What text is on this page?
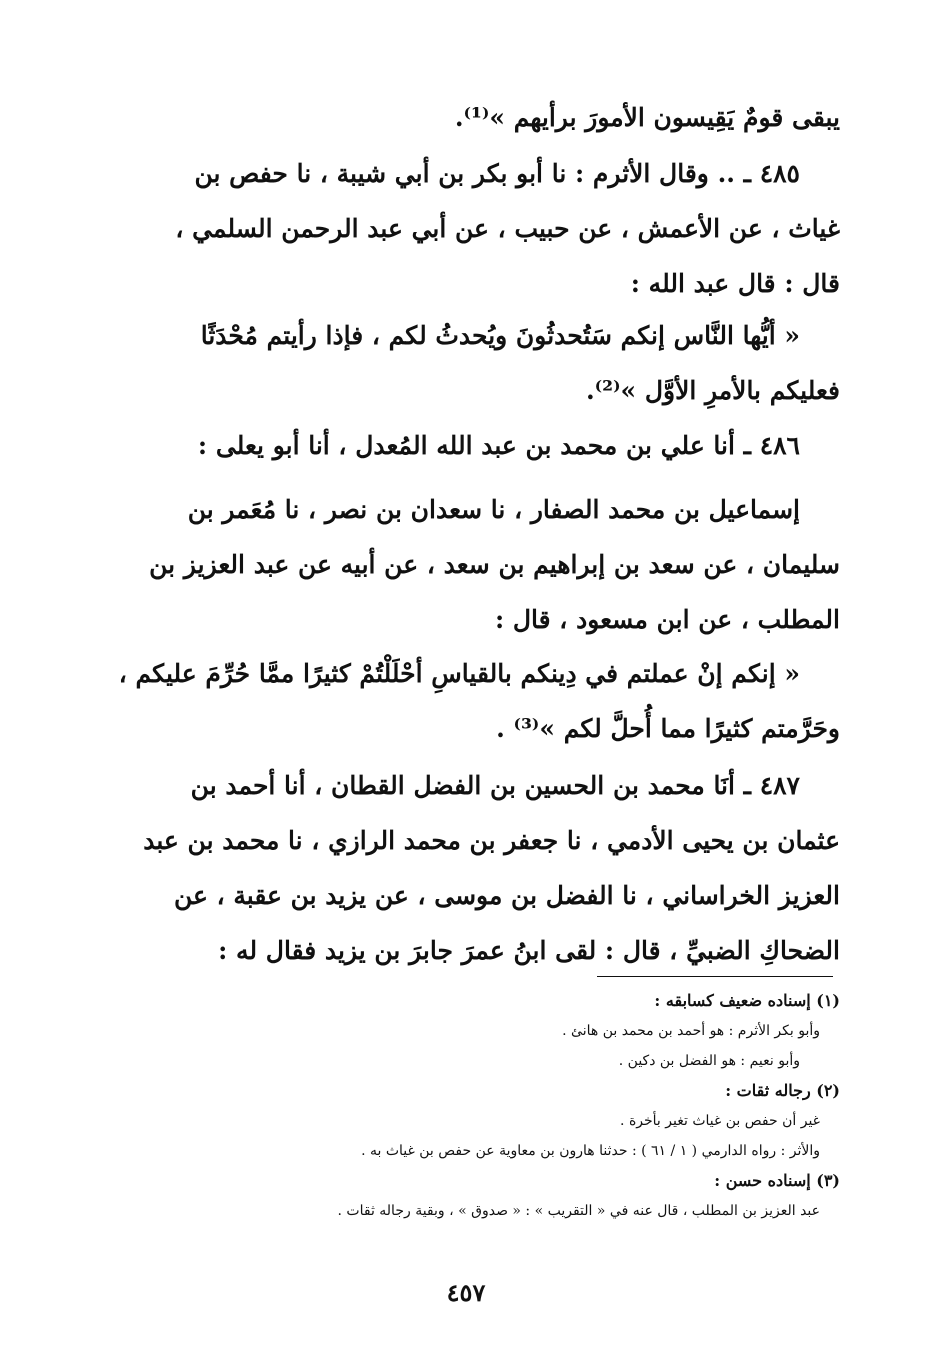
يبقى قومٌ يَقِيسون الأمورَ برأيهم »⁽¹⁾.
٤٨٥ ـ .. وقال الأثرم : نا أبو بكر بن أبي شيبة ، نا حفص بن
غياث ، عن الأعمش ، عن حبيب ، عن أبي عبد الرحمن السلمي ،
قال : قال عبد الله :
« أيُّها النَّاس إنكم سَتُحدثُونَ ويُحدثُ لكم ، فإذا رأيتم مُحْدَثًا
فعليكم بالأمرِ الأوَّل »⁽²⁾.
٤٨٦ ـ أنا علي بن محمد بن عبد الله المُعدل ، أنا أبو يعلى :
إسماعيل بن محمد الصفار ، نا سعدان بن نصر ، نا مُعَمر بن
سليمان ، عن سعد بن إبراهيم بن سعد ، عن أبيه عن عبد العزيز بن
المطلب ، عن ابن مسعود ، قال :
« إنكم إنْ عملتم في دِينكم بالقياسِ أحْلَلْتُمْ كثيرًا ممَّا حُرِّمَ عليكم ،
وحَرَّمتم كثيرًا مما أُحلَّ لكم »⁽³⁾ .
٤٨٧ ـ أنَا محمد بن الحسين بن الفضل القطان ، أنا أحمد بن
عثمان بن يحيى الأدمي ، نا جعفر بن محمد الرازي ، نا محمد بن عبد
العزيز الخراساني ، نا الفضل بن موسى ، عن يزيد بن عقبة ، عن
الضحاكِ الضبيِّ ، قال : لقى ابنُ عمرَ جابرَ بن يزيد فقال له :
(١) إسناده ضعيف كسابقه :
وأبو بكر الأثرم : هو أحمد بن محمد بن هانئ .
وأبو نعيم : هو الفضل بن دكين .
(٢) رجاله ثقات :
غير أن حفص بن غياث تغير بأخرة .
والأثر : رواه الدارمي ( ١ / ٦١ ) : حدثنا هارون بن معاوية عن حفص بن غياث به .
(٣) إسناده حسن :
عبد العزيز بن المطلب ، قال عنه في « التقريب » : « صدوق » ، وبقية رجاله ثقات .
٤٥٧
